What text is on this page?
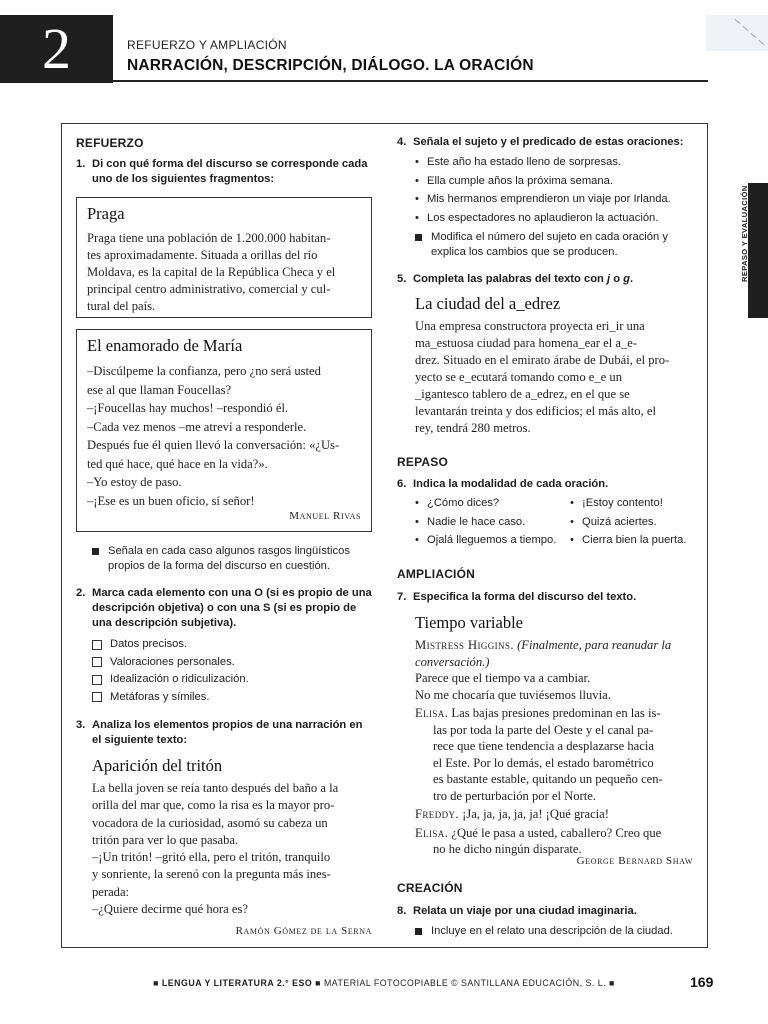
2	REFUERZO Y AMPLIACIÓN
NARRACIÓN, DESCRIPCIÓN, DIÁLOGO. LA ORACIÓN
REPASO Y EVALUACIÓN
REFUERZO
1. Di con qué forma del discurso se corresponde cada uno de los siguientes fragmentos:
Praga
Praga tiene una población de 1.200.000 habitan-
tes aproximadamente. Situada a orillas del río
Moldava, es la capital de la República Checa y el
principal centro administrativo, comercial y cul-
tural del país.
El enamorado de María
–Discúlpeme la confianza, pero ¿no será usted
ese al que llaman Foucellas?
–¡Foucellas hay muchos! –respondió él.
–Cada vez menos –me atreví a responderle.
Después fue él quien llevó la conversación: «¿Us-
ted qué hace, qué hace en la vida?».
–Yo estoy de paso.
–¡Ese es un buen oficio, sí señor!
Manuel Rivas
Señala en cada caso algunos rasgos lingüísticos propios de la forma del discurso en cuestión.
2. Marca cada elemento con una O (si es propio de una descripción objetiva) o con una S (si es propio de una descripción subjetiva).
Datos precisos.
Valoraciones personales.
Idealización o ridiculización.
Metáforas y símiles.
3. Analiza los elementos propios de una narración en el siguiente texto:
Aparición del tritón
La bella joven se reía tanto después del baño a la
orilla del mar que, como la risa es la mayor pro-
vocadora de la curiosidad, asomó su cabeza un
tritón para ver lo que pasaba.
–¡Un tritón! –gritó ella, pero el tritón, tranquilo
y sonriente, la serenó con la pregunta más ines-
perada:
–¿Quiere decirme qué hora es?
Ramón Gómez de la Serna
4. Señala el sujeto y el predicado de estas oraciones:
• Este año ha estado lleno de sorpresas.
• Ella cumple años la próxima semana.
• Mis hermanos emprendieron un viaje por Irlanda.
• Los espectadores no aplaudieron la actuación.
Modifica el número del sujeto en cada oración y explica los cambios que se producen.
5. Completa las palabras del texto con j o g.
La ciudad del a_edrez
Una empresa constructora proyecta eri_ir una
ma_estuosa ciudad para homena_ear el a_e-
drez. Situado en el emirato árabe de Dubái, el pro-
yecto se e_ecutará tomando como e_e un
_igantesco tablero de a_edrez, en el que se
levantarán treinta y dos edificios; el más alto, el
rey, tendrá 280 metros.
REPASO
6. Indica la modalidad de cada oración.
• ¿Cómo dices?
• Nadie le hace caso.
• Ojalá lleguemos a tiempo.
• ¡Estoy contento!
• Quizá aciertes.
• Cierra bien la puerta.
AMPLIACIÓN
7. Especifica la forma del discurso del texto.
Tiempo variable
Mistress Higgins. (Finalmente, para reanudar la conversación.)
Parece que el tiempo va a cambiar.
No me chocaría que tuviésemos lluvia.
Elisa. Las bajas presiones predominan en las is-
las por toda la parte del Oeste y el canal pa-
rece que tiene tendencia a desplazarse hacia
el Este. Por lo demás, el estado barométrico
es bastante estable, quitando un pequeño cen-
tro de perturbación por el Norte.
Freddy. ¡Ja, ja, ja, ja, ja! ¡Qué gracia!
Elisa. ¿Qué le pasa a usted, caballero? Creo que
no he dicho ningún disparate.
George Bernard Shaw
CREACIÓN
8. Relata un viaje por una ciudad imaginaria.
Incluye en el relato una descripción de la ciudad.
■ LENGUA Y LITERATURA 2.° ESO ■ MATERIAL FOTOCOPIABLE © SANTILLANA EDUCACIÓN, S. L. ■	169
